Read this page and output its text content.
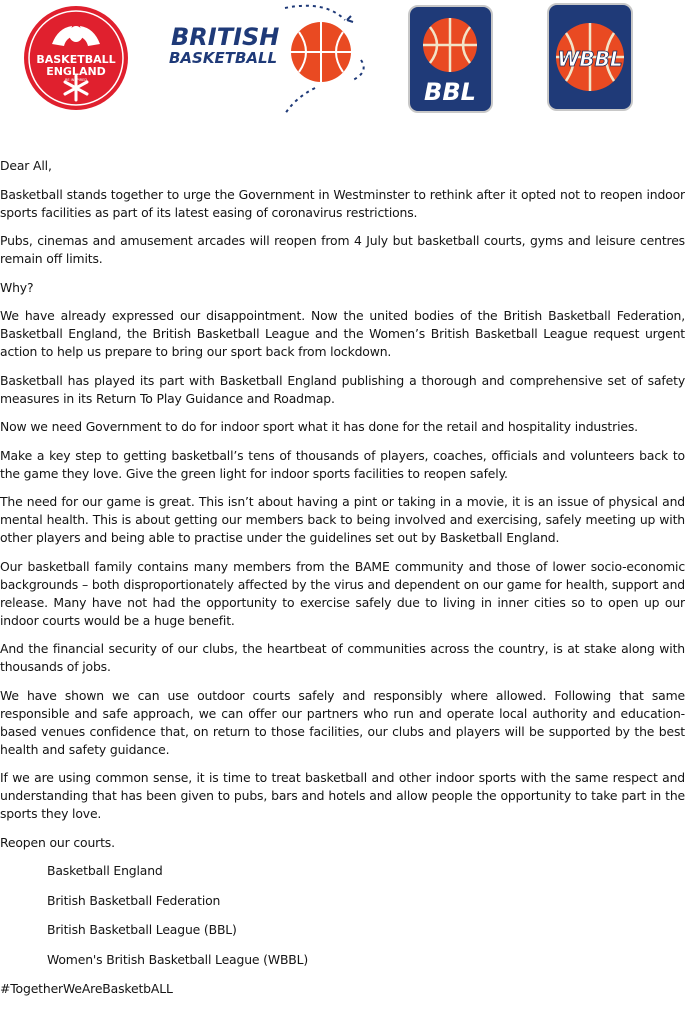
BASKETBALL
ENGLAND
BE INSPIRED
BRITISH
BASKETBALL
BBL
WBBL

Dear All,

Basketball stands together to urge the Government in Westminster to rethink after it opted not to reopen indoor sports facilities as part of its latest easing of coronavirus restrictions.

Pubs, cinemas and amusement arcades will reopen from 4 July but basketball courts, gyms and leisure centres remain off limits.

Why?

We have already expressed our disappointment. Now the united bodies of the British Basketball Federation, Basketball England, the British Basketball League and the Women’s British Basketball League request urgent action to help us prepare to bring our sport back from lockdown.

Basketball has played its part with Basketball England publishing a thorough and comprehensive set of safety measures in its Return To Play Guidance and Roadmap.

Now we need Government to do for indoor sport what it has done for the retail and hospitality industries.

Make a key step to getting basketball’s tens of thousands of players, coaches, officials and volunteers back to the game they love. Give the green light for indoor sports facilities to reopen safely.

The need for our game is great. This isn’t about having a pint or taking in a movie, it is an issue of physical and mental health. This is about getting our members back to being involved and exercising, safely meeting up with other players and being able to practise under the guidelines set out by Basketball England.

Our basketball family contains many members from the BAME community and those of lower socio-economic backgrounds – both disproportionately affected by the virus and dependent on our game for health, support and release. Many have not had the opportunity to exercise safely due to living in inner cities so to open up our indoor courts would be a huge benefit.

And the financial security of our clubs, the heartbeat of communities across the country, is at stake along with thousands of jobs.

We have shown we can use outdoor courts safely and responsibly where allowed. Following that same responsible and safe approach, we can offer our partners who run and operate local authority and education-based venues confidence that, on return to those facilities, our clubs and players will be supported by the best health and safety guidance.

If we are using common sense, it is time to treat basketball and other indoor sports with the same respect and understanding that has been given to pubs, bars and hotels and allow people the opportunity to take part in the sports they love.

Reopen our courts.

Basketball England
British Basketball Federation
British Basketball League (BBL)
Women's British Basketball League (WBBL)

#TogetherWeAreBasketbALL
